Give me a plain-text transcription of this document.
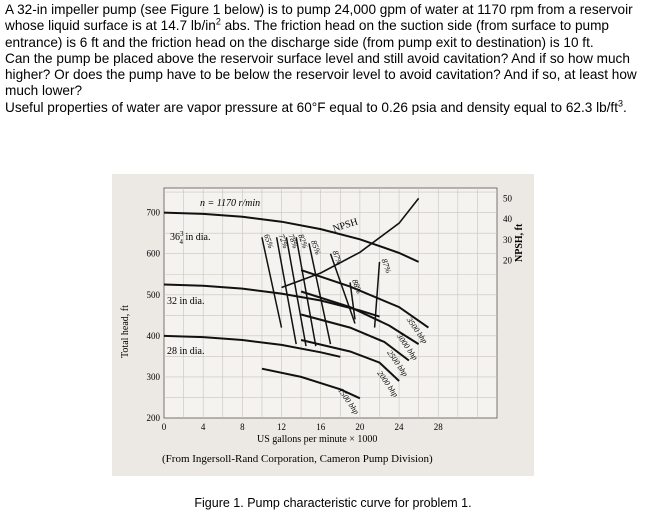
A 32-in impeller pump (see Figure 1 below) is to pump 24,000 gpm of water at 1170 rpm from a reservoir whose liquid surface is at 14.7 $lb/in^2$ abs. The friction head on the suction side (from surface to pump entrance) is 6 ft and the friction head on the discharge side (from pump exit to destination) is 10 ft.

Can the pump be placed above the reservoir surface level and still avoid cavitation? And if so how much higher? Or does the pump have to be below the reservoir level to avoid cavitation? And if so, at least how much lower?

Useful properties of water are vapor pressure at 60°F equal to 0.26 psia and density equal to 62.3 $lb/ft^3$.

65% 72%
78%
82% 85%
87%
88%
87%
3500 bhp
3000 bhp
2500 bhp
2000 bhp
1500 bhp
0	4	8	12	16	20	24	28
200
300
400
500
600
700
20
30
40
50
n = 1170 r/min
$36^3$ 4 in dia.
32 in dia.
28 in dia.
NPSH
US gallons per minute × 1000
Total head, ft
NPSH, ft
(From Ingersoll-Rand Corporation, Cameron Pump Division)
Figure 1. Pump characteristic curve for problem 1.
